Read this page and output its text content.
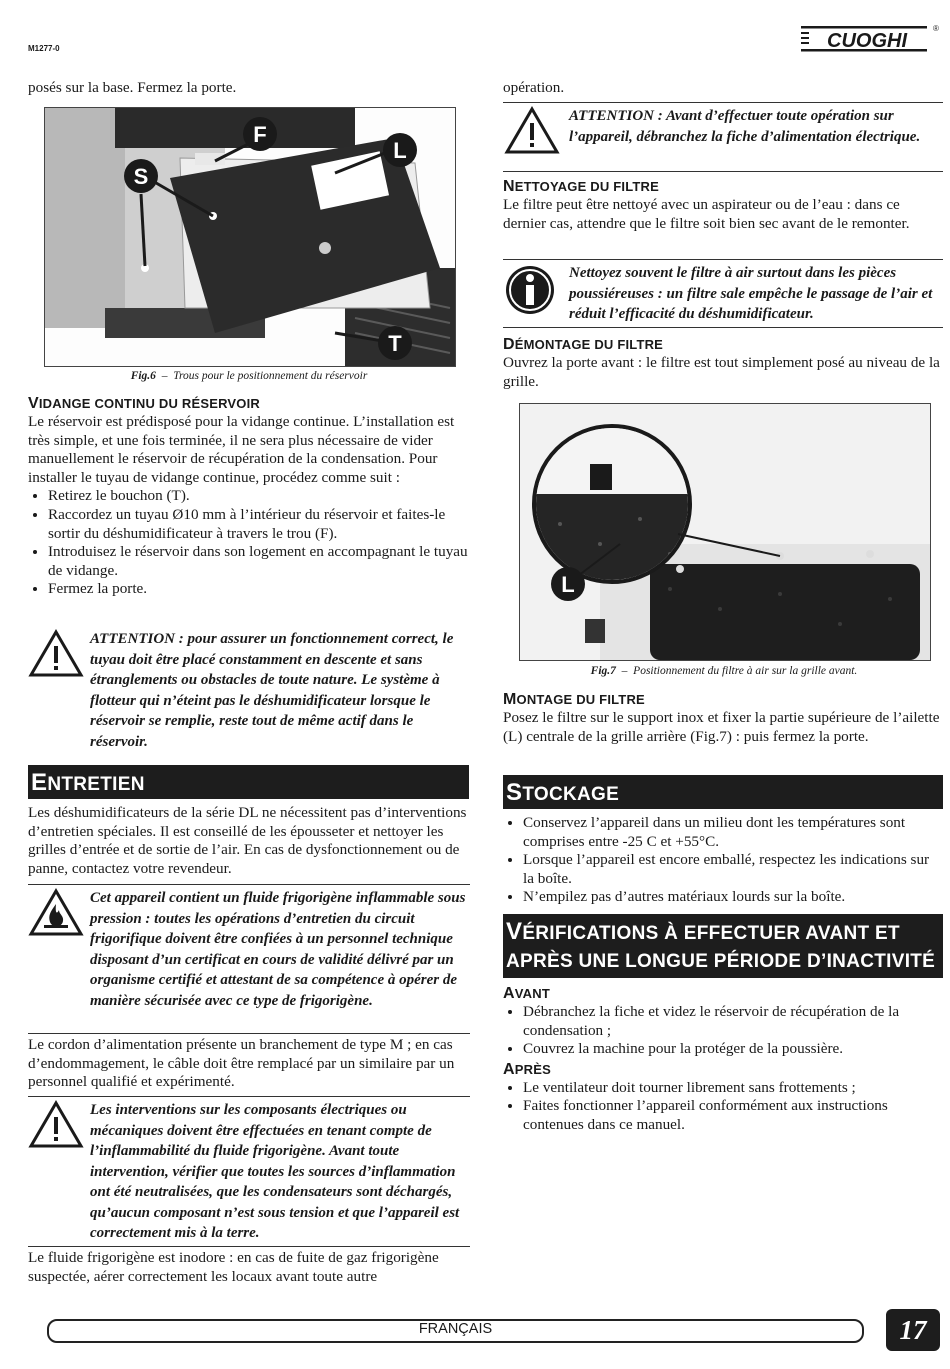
M1277-0	CUOGHI
®

posés sur la base. Fermez la porte.

F
S
L
T
Fig.6 – Trous pour le positionnement du réservoir

VIDANGE CONTINU DU RÉSERVOIR

Le réservoir est prédisposé pour la vidange continue. L’installation est très simple, et une fois terminée, il ne sera plus nécessaire de vider manuellement le réservoir de récupération de la condensation. Pour installer le tuyau de vidange continue, procédez comme suit :

• Retirez le bouchon (T).
• Raccordez un tuyau Ø10 mm à l’intérieur du réservoir et faites-le sortir du déshumidificateur à travers le trou (F).
• Introduisez le réservoir dans son logement en accompagnant le tuyau de vidange.
• Fermez la porte.
ATTENTION : pour assurer un fonctionnement correct, le tuyau doit être placé constamment en descente et sans étranglements ou obstacles de toute nature. Le système à flotteur qui n’éteint pas le déshumidificateur lorsque le réservoir se remplie, reste tout de même actif dans le réservoir.
ENTRETIEN

Les déshumidificateurs de la série DL ne nécessitent pas d’interventions d’entretien spéciales. Il est conseillé de les épousseter et nettoyer les grilles d’entrée et de sortie de l’air. En cas de dysfonctionnement ou de panne, contactez votre revendeur.

Cet appareil contient un fluide frigorigène inflammable sous pression : toutes les opérations d’entretien du circuit frigorifique doivent être confiées à un personnel technique disposant d’un certificat en cours de validité délivré par un organisme certifié et attestant de sa compétence à opérer de manière sécurisée avec ce type de frigorigène.

Le cordon d’alimentation présente un branchement de type M ; en cas d’endommagement, le câble doit être remplacé par un similaire par un personnel qualifié et expérimenté.

Les interventions sur les composants électriques ou mécaniques doivent être effectuées en tenant compte de l’inflammabilité du fluide frigorigène. Avant toute intervention, vérifier que toutes les sources d’inflammation ont été neutralisées, que les condensateurs sont déchargés, qu’aucun composant n’est sous tension et que l’appareil est correctement mis à la terre.

Le fluide frigorigène est inodore : en cas de fuite de gaz frigorigène suspectée, aérer correctement les locaux avant toute autre

opération.

ATTENTION : Avant d’effectuer toute opération sur l’appareil, débranchez la fiche d’alimentation électrique.

NETTOYAGE DU FILTRE

Le filtre peut être nettoyé avec un aspirateur ou de l’eau : dans ce dernier cas, attendre que le filtre soit bien sec avant de le remonter.

Nettoyez souvent le filtre à air surtout dans les pièces poussiéreuses : un filtre sale empêche le passage de l’air et réduit l’efficacité du déshumidificateur.

DÉMONTAGE DU FILTRE

Ouvrez la porte avant : le filtre est tout simplement posé au niveau de la grille.

L
Fig.7 – Positionnement du filtre à air sur la grille avant.

MONTAGE DU FILTRE

Posez le filtre sur le support inox et fixer la partie supérieure de l’ailette (L) centrale de la grille arrière (Fig.7) : puis fermez la porte.

STOCKAGE
• Conservez l’appareil dans un milieu dont les températures sont comprises entre -25 C et +55°C.
• Lorsque l’appareil est encore emballé, respectez les indications sur la boîte.
• N’empilez pas d’autres matériaux lourds sur la boîte.
VÉRIFICATIONS À EFFECTUER AVANT ET
APRÈS UNE LONGUE PÉRIODE D’INACTIVITÉ

AVANT

• Débranchez la fiche et videz le réservoir de récupération de la condensation ;
• Couvrez la machine pour la protéger de la poussière.

APRÈS

• Le ventilateur doit tourner librement sans frottements ;
• Faites fonctionner l’appareil conformément aux instructions contenues dans ce manuel.
FRANÇAIS	17
